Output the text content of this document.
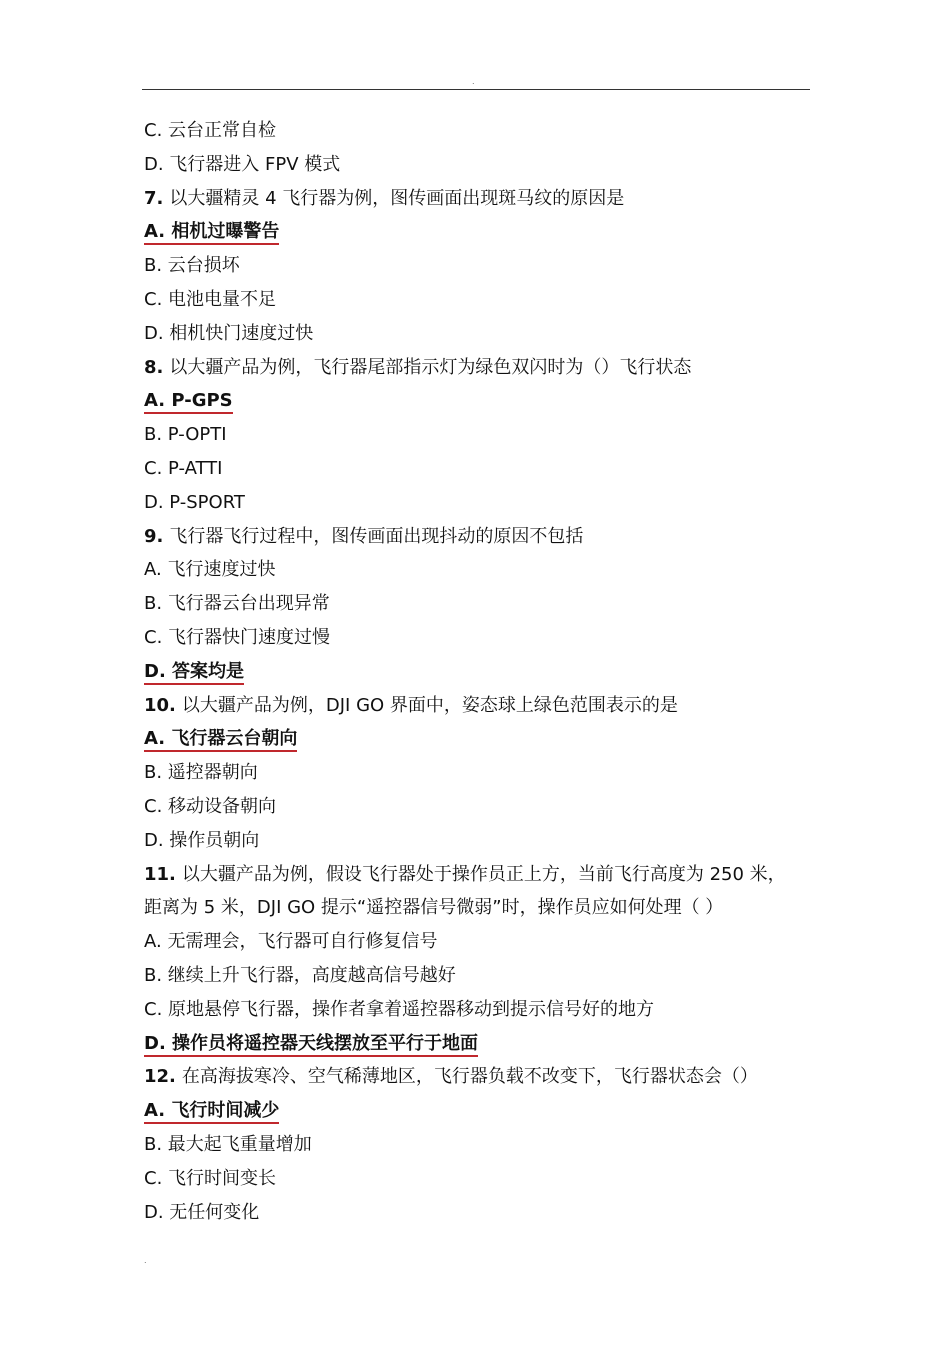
.
C. 云台正常自检
D. 飞行器进入 FPV 模式
7. 以大疆精灵 4 飞行器为例，图传画面出现斑马纹的原因是
A. 相机过曝警告
B. 云台损坏
C. 电池电量不足
D. 相机快门速度过快
8. 以大疆产品为例，飞行器尾部指示灯为绿色双闪时为（）飞行状态
A. P-GPS
B. P-OPTI
C. P-ATTI
D. P-SPORT
9. 飞行器飞行过程中，图传画面出现抖动的原因不包括
A. 飞行速度过快
B. 飞行器云台出现异常
C. 飞行器快门速度过慢
D. 答案均是
10. 以大疆产品为例，DJI GO 界面中，姿态球上绿色范围表示的是
A. 飞行器云台朝向
B. 遥控器朝向
C. 移动设备朝向
D. 操作员朝向
11. 以大疆产品为例，假设飞行器处于操作员正上方，当前飞行高度为 250 米，
距离为 5 米，DJI GO 提示“遥控器信号微弱”时，操作员应如何处理（ ）
A. 无需理会，飞行器可自行修复信号
B. 继续上升飞行器，高度越高信号越好
C. 原地悬停飞行器，操作者拿着遥控器移动到提示信号好的地方
D. 操作员将遥控器天线摆放至平行于地面
12. 在高海拔寒冷、空气稀薄地区，飞行器负载不改变下，飞行器状态会（）
A. 飞行时间减少
B. 最大起飞重量增加
C. 飞行时间变长
D. 无任何变化
.
